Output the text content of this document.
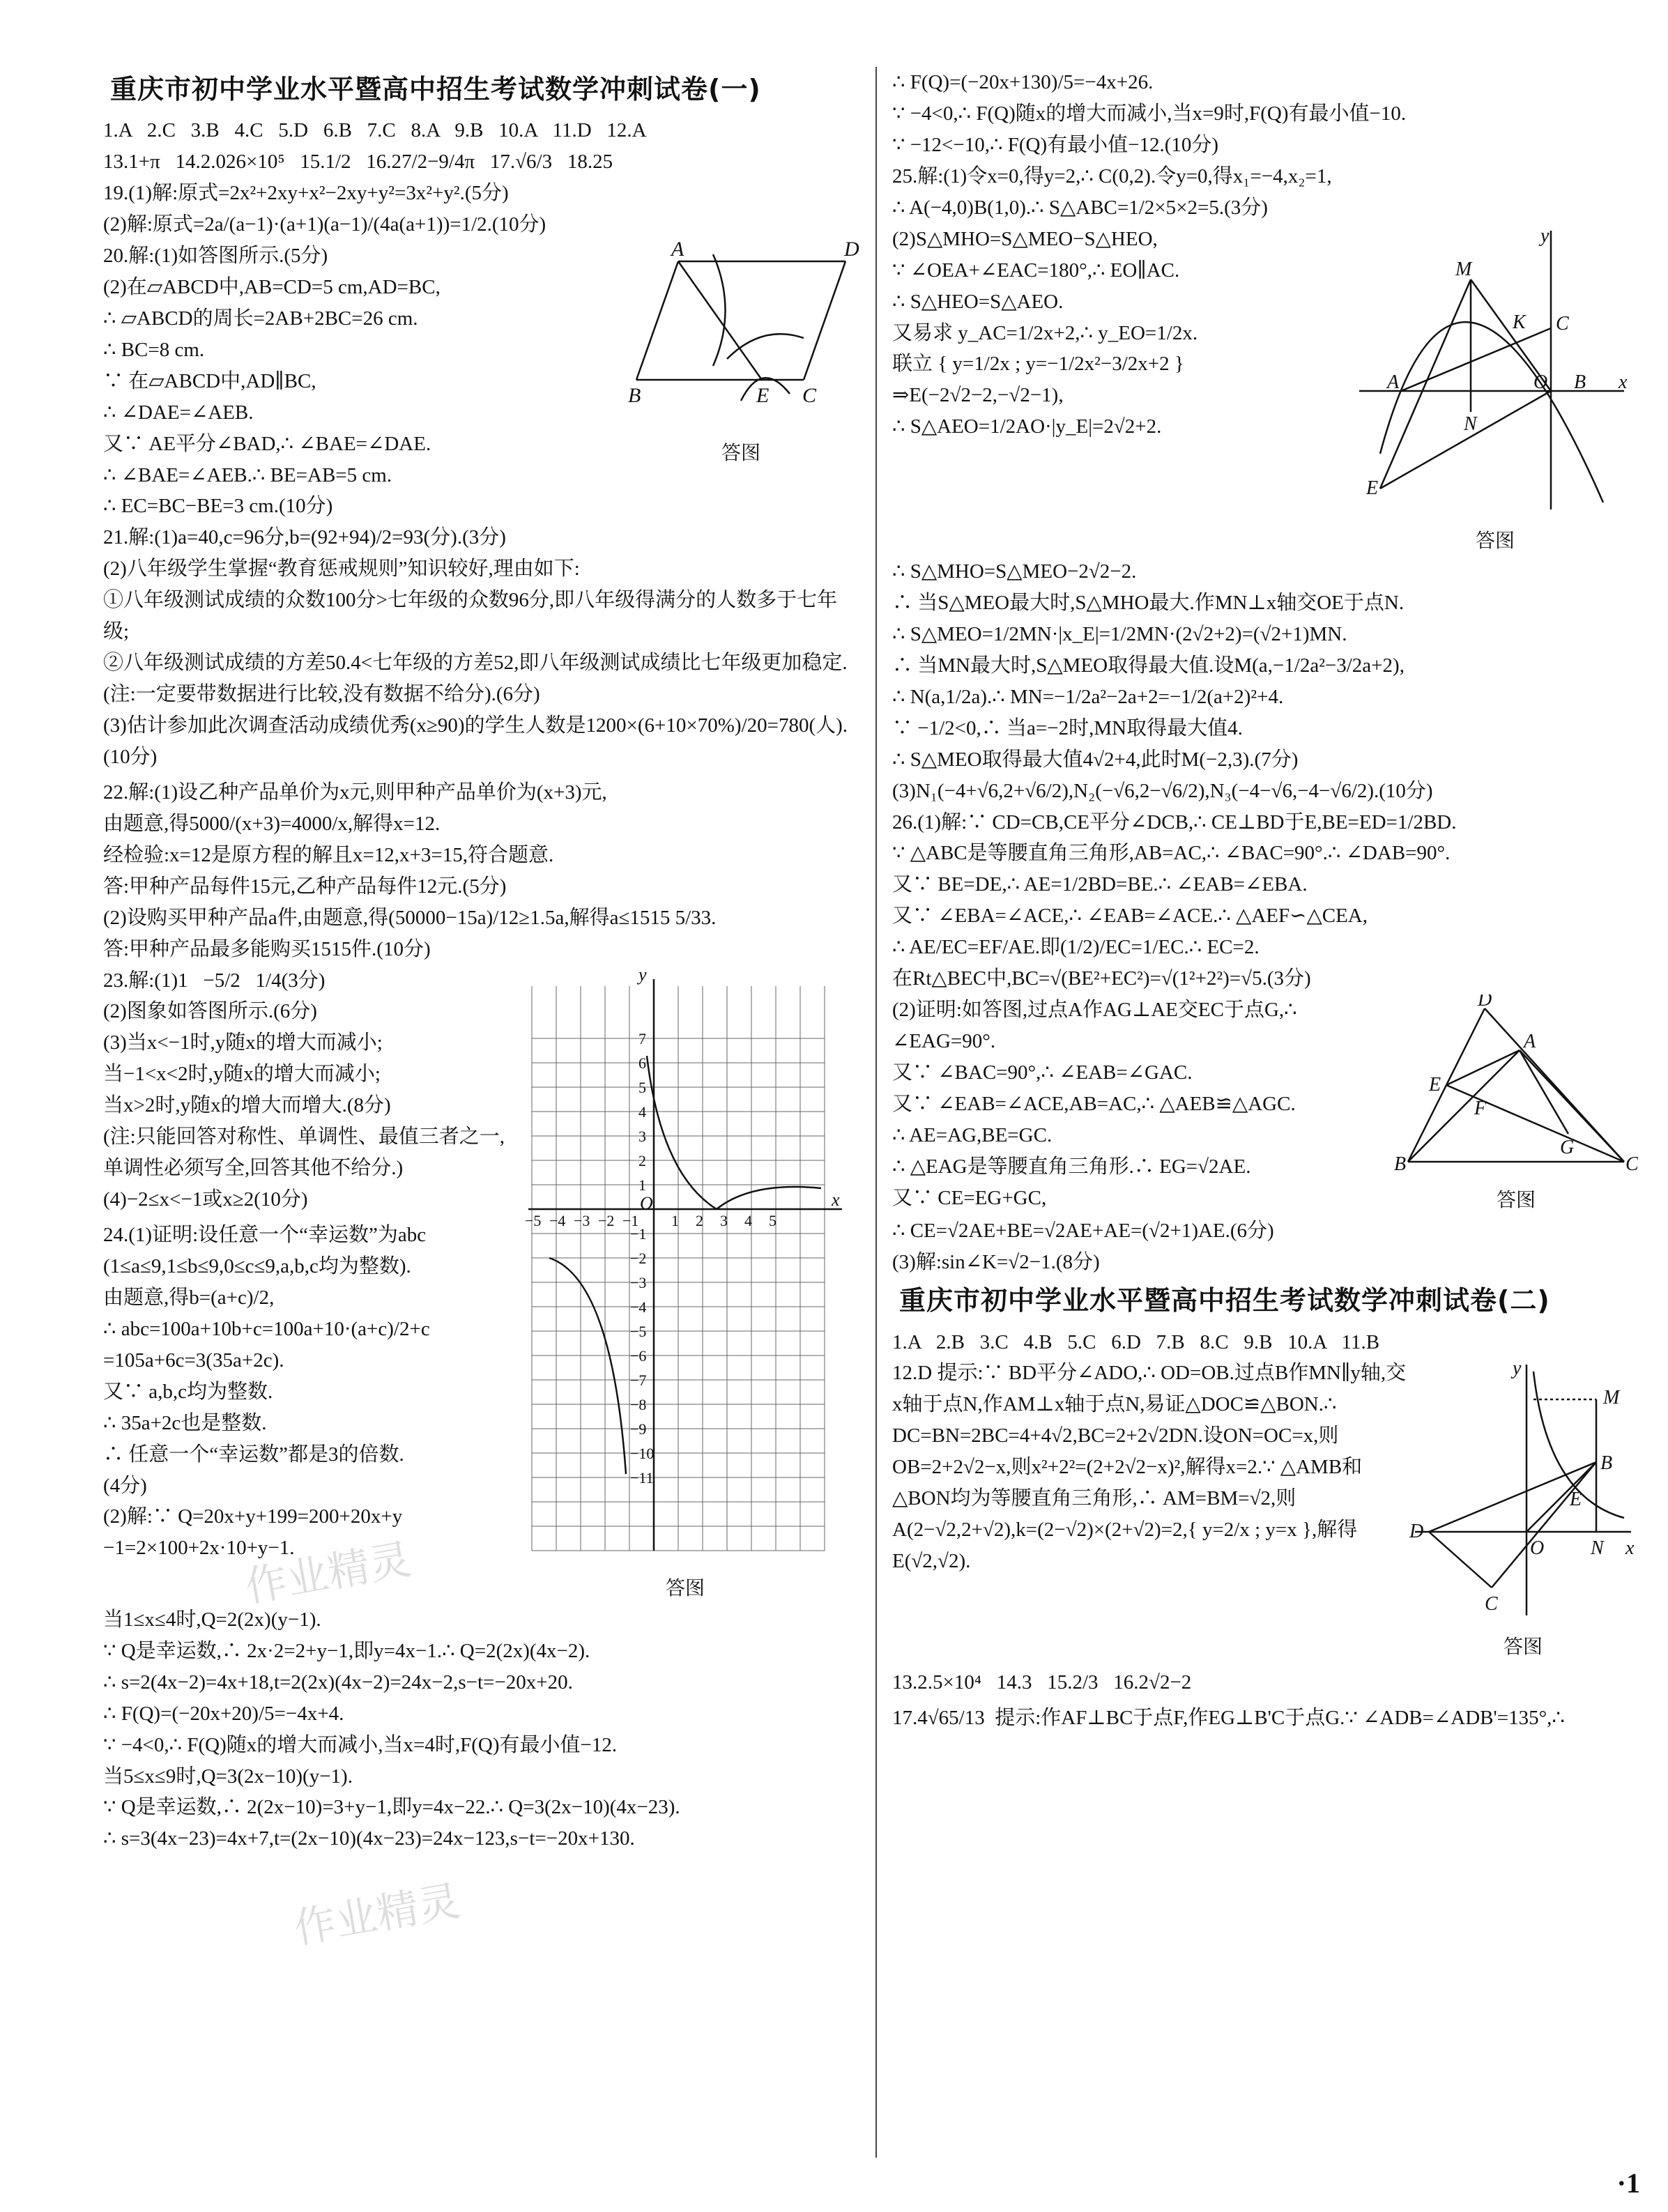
重庆市初中学业水平暨高中招生考试数学冲刺试卷(一)
1.A   2.C   3.B   4.C   5.D   6.B   7.C   8.A   9.B   10.A   11.D   12.A
13.1+π   14.2.026×10⁵   15.1/2   16.27/2−9/4π   17.√6/3   18.25
19.(1)解:原式=2x²+2xy+x²−2xy+y²=3x²+y².(5分)
(2)解:原式=2a/(a−1)·(a+1)(a−1)/(4a(a+1))=1/2.(10分)
20.解:(1)如答图所示.(5分)
(2)在▱ABCD中,AB=CD=5 cm,AD=BC,
∴ ▱ABCD的周长=2AB+2BC=26 cm.
∴ BC=8 cm.
∵ 在▱ABCD中,AD∥BC,
∴ ∠DAE=∠AEB.
又∵ AE平分∠BAD,∴ ∠BAE=∠DAE.
∴ ∠BAE=∠AEB.∴ BE=AB=5 cm.
∴ EC=BC−BE=3 cm.(10分)
A	D
B	E C
答图
21.解:(1)a=40,c=96分,b=(92+94)/2=93(分).(3分)
(2)八年级学生掌握“教育惩戒规则”知识较好,理由如下:
①八年级测试成绩的众数100分>七年级的众数96分,即八年级得满分的人数多于七年级;
②八年级测试成绩的方差50.4<七年级的方差52,即八年级测试成绩比七年级更加稳定.
(注:一定要带数据进行比较,没有数据不给分).(6分)
(3)估计参加此次调查活动成绩优秀(x≥90)的学生人数是1200×(6+10×70%)/20=780(人).(10分)
22.解:(1)设乙种产品单价为x元,则甲种产品单价为(x+3)元,
由题意,得5000/(x+3)=4000/x,解得x=12.
经检验:x=12是原方程的解且x=12,x+3=15,符合题意.
答:甲种产品每件15元,乙种产品每件12元.(5分)
(2)设购买甲种产品a件,由题意,得(50000−15a)/12≥1.5a,解得a≤1515 5/33.
答:甲种产品最多能购买1515件.(10分)
23.解:(1)1   −5/2   1/4(3分)
(2)图象如答图所示.(6分)
(3)当x<−1时,y随x的增大而减小;
当−1<x<2时,y随x的增大而减小;
当x>2时,y随x的增大而增大.(8分)
(注:只能回答对称性、单调性、最值三者之一,单调性必须写全,回答其他不给分.)
(4)−2≤x<−1或x≥2(10分)
24.(1)证明:设任意一个“幸运数”为abc
(1≤a≤9,1≤b≤9,0≤c≤9,a,b,c均为整数).
由题意,得b=(a+c)/2,
∴ abc=100a+10b+c=100a+10·(a+c)/2+c
=105a+6c=3(35a+2c).
又∵ a,b,c均为整数.
∴ 35a+2c也是整数.
∴ 任意一个“幸运数”都是3的倍数.
(4分)
(2)解:∵ Q=20x+y+199=200+20x+y
−1=2×100+2x·10+y−1.
−5 −4 −3 −2 −1 1 2 3 4 5
7
6
5
4
3
2
1
−1
−2
−3
−4
−5
−6
−7
−8
−9
−10
−11
O	x
y
答图
当1≤x≤4时,Q=2(2x)(y−1).
∵ Q是幸运数,∴ 2x·2=2+y−1,即y=4x−1.∴ Q=2(2x)(4x−2).
∴ s=2(4x−2)=4x+18,t=2(2x)(4x−2)=24x−2,s−t=−20x+20.
∴ F(Q)=(−20x+20)/5=−4x+4.
∵ −4<0,∴ F(Q)随x的增大而减小,当x=4时,F(Q)有最小值−12.
当5≤x≤9时,Q=3(2x−10)(y−1).
∵ Q是幸运数,∴ 2(2x−10)=3+y−1,即y=4x−22.∴ Q=3(2x−10)(4x−23).
∴ s=3(4x−23)=4x+7,t=(2x−10)(4x−23)=24x−123,s−t=−20x+130.
∴ F(Q)=(−20x+130)/5=−4x+26.
∵ −4<0,∴ F(Q)随x的增大而减小,当x=9时,F(Q)有最小值−10.
∵ −12<−10,∴ F(Q)有最小值−12.(10分)
25.解:(1)令x=0,得y=2,∴ C(0,2).令y=0,得x₁=−4,x₂=1,
∴ A(−4,0)B(1,0).∴ S△ABC=1/2×5×2=5.(3分)
(2)S△MHO=S△MEO−S△HEO,
∵ ∠OEA+∠EAC=180°,∴ EO∥AC.
∴ S△HEO=S△AEO.
又易求 y_AC=1/2x+2,∴ y_EO=1/2x.
联立 { y=1/2x ; y=−1/2x²−3/2x+2 } ⇒E(−2√2−2,−√2−1),
∴ S△AEO=1/2AO·|y_E|=2√2+2.
y
M
C
K
A	O B x
N
E
答图
∴ S△MHO=S△MEO−2√2−2.
∴ 当S△MEO最大时,S△MHO最大.作MN⊥x轴交OE于点N.
∴ S△MEO=1/2MN·|x_E|=1/2MN·(2√2+2)=(√2+1)MN.
∴ 当MN最大时,S△MEO取得最大值.设M(a,−1/2a²−3/2a+2),
∴ N(a,1/2a).∴ MN=−1/2a²−2a+2=−1/2(a+2)²+4.
∵ −1/2<0,∴ 当a=−2时,MN取得最大值4.
∴ S△MEO取得最大值4√2+4,此时M(−2,3).(7分)
(3)N₁(−4+√6,2+√6/2),N₂(−√6,2−√6/2),N₃(−4−√6,−4−√6/2).(10分)
26.(1)解:∵ CD=CB,CE平分∠DCB,∴ CE⊥BD于E,BE=ED=1/2BD.
∵ △ABC是等腰直角三角形,AB=AC,∴ ∠BAC=90°.∴ ∠DAB=90°.
又∵ BE=DE,∴ AE=1/2BD=BE.∴ ∠EAB=∠EBA.
又∵ ∠EBA=∠ACE,∴ ∠EAB=∠ACE.∴ △AEF∽△CEA,
∴ AE/EC=EF/AE.即(1/2)/EC=1/EC.∴ EC=2.
在Rt△BEC中,BC=√(BE²+EC²)=√(1²+2²)=√5.(3分)
(2)证明:如答图,过点A作AG⊥AE交EC于点G,∴ ∠EAG=90°.
又∵ ∠BAC=90°,∴ ∠EAB=∠GAC.
又∵ ∠EAB=∠ACE,AB=AC,∴ △AEB≌△AGC.
∴ AE=AG,BE=GC.
∴ △EAG是等腰直角三角形.∴ EG=√2AE.
又∵ CE=EG+GC,
D
A
E
F
B
G
C
答图
∴ CE=√2AE+BE=√2AE+AE=(√2+1)AE.(6分)
(3)解:sin∠K=√2−1.(8分)
重庆市初中学业水平暨高中招生考试数学冲刺试卷(二)
1.A   2.B   3.C   4.B   5.C   6.D   7.B   8.C   9.B   10.A   11.B
12.D 提示:∵ BD平分∠ADO,∴ OD=OB.过点B作MN∥y轴,交x轴于点N,作AM⊥x轴于点N,易证△DOC≌△BON.∴ DC=BN=2BC=4+4√2,BC=2+2√2DN.设ON=OC=x,则OB=2+2√2−x,则x²+2²=(2+2√2−x)²,解得x=2.∵ △AMB和△BON均为等腰直角三角形,∴ AM=BM=√2,则A(2−√2,2+√2),k=(2−√2)×(2+√2)=2,{ y=2/x ; y=x },解得E(√2,√2).
y
M
B
E
D
O N x
C
答图
13.2.5×10⁴   14.3   15.2/3   16.2√2−2
17.4√65/13  提示:作AF⊥BC于点F,作EG⊥B'C于点G.∵ ∠ADB=∠ADB'=135°,∴
作业精灵
作业精灵
·1
